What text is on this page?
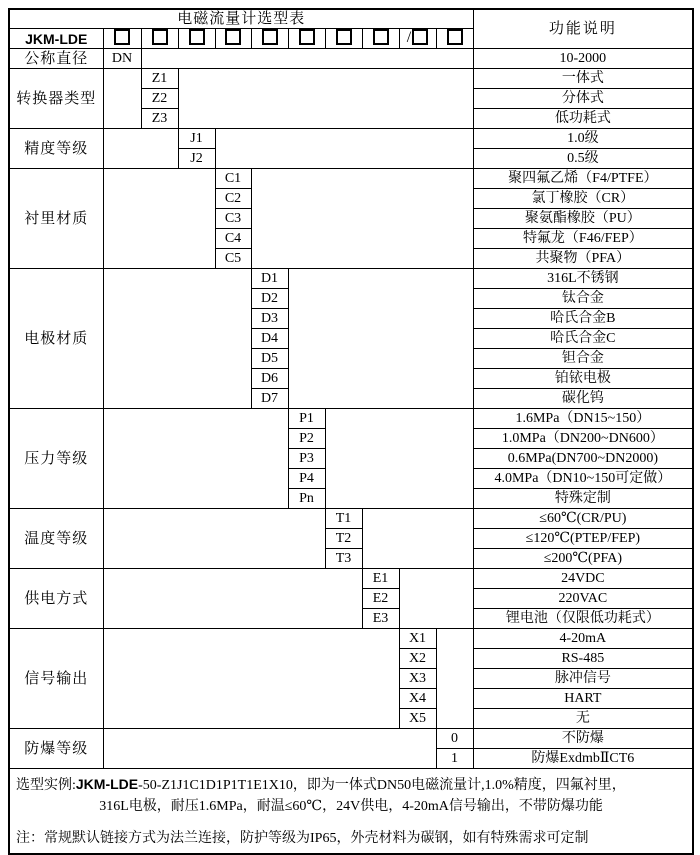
电磁流量计选型表											功能说明
JKM-LDE									/		
公称直径	DN										10-2000
转换器类型		Z1									一体式
		Z2									分体式
		Z3									低功耗式
精度等级			J1								1.0级
			J2								0.5级
衬里材质				C1							聚四氟乙烯（F4/PTFE）
				C2							氯丁橡胶（CR）
				C3							聚氨酯橡胶（PU）
				C4							特氟龙（F46/FEP）
				C5							共聚物（PFA）
电极材质					D1						316L不锈钢
					D2						钛合金
					D3						哈氏合金B
					D4						哈氏合金C
					D5						钽合金
					D6						铂铱电极
					D7						碳化钨
压力等级						P1					1.6MPa（DN15~150）
						P2					1.0MPa（DN200~DN600）
						P3					0.6MPa(DN700~DN2000)
						P4					4.0MPa（DN10~150可定做）
						Pn					特殊定制
温度等级							T1				≤60℃(CR/PU)
							T2				≤120℃(PTEP/FEP)
							T3				≤200℃(PFA)
供电方式								E1			24VDC
								E2			220VAC
								E3			锂电池（仅限低功耗式）
信号输出									X1		4-20mA
									X2		RS-485
									X3		脉冲信号
									X4		HART
									X5		无
防爆等级										0	不防爆
										1	防爆ExdmbⅡCT6

选型实例:JKM-LDE-50-Z1J1C1D1P1T1E1X10，即为一体式DN50电磁流量计,1.0%精度，四氟衬里，
316L电极，耐压1.6MPa，耐温≤60℃，24V供电，4-20mA信号输出，不带防爆功能
注：常规默认链接方式为法兰连接，防护等级为IP65，外壳材料为碳钢，如有特殊需求可定制											
